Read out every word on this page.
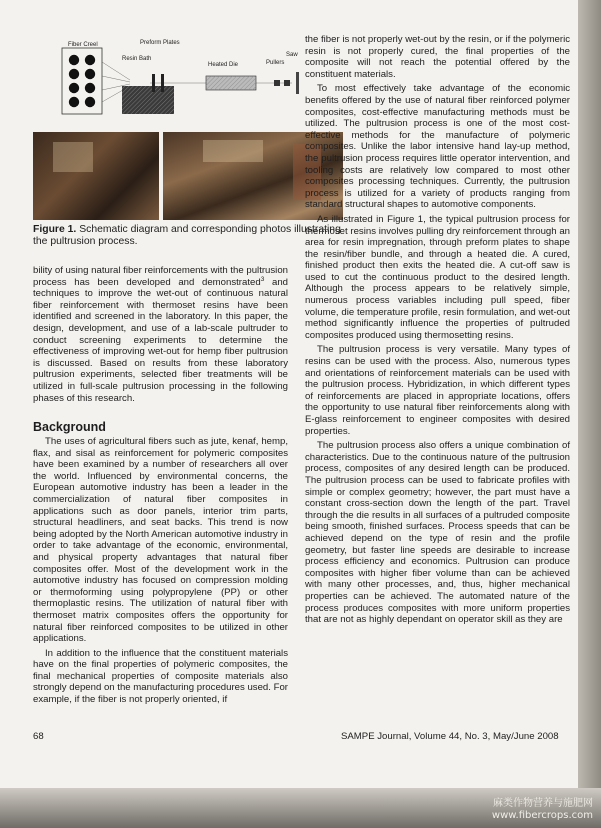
Fiber Creel
Resin Bath
Preform Plates
Heated Die	Pullers
Saw
Figure 1. Schematic diagram and corresponding photos illustrating the pultrusion process.

bility of using natural fiber reinforcements with the pultrusion process has been developed and demonstrated$^3$ and techniques to improve the wet-out of continuous natural fiber reinforcement with thermoset resins have been identified and screened in the laboratory. In this paper, the design, development, and use of a lab-scale pultruder to conduct screening experiments to determine the effectiveness of improving wet-out for hemp fiber pultrusion is discussed. Based on results from these laboratory pultrusion experiments, selected fiber treatments will be utilized in full-scale pultrusion processing in the following phases of this research.

Background

The uses of agricultural fibers such as jute, kenaf, hemp, flax, and sisal as reinforcement for polymeric composites have been examined by a number of researchers all over the world. Influenced by environmental concerns, the European automotive industry has been a leader in the commercialization of natural fiber composites in applications such as door panels, interior trim parts, structural headliners, and seat backs. This trend is now being adopted by the North American automotive industry in order to take advantage of the economic, environmental, and physical property advantages that natural fiber composites offer. Most of the development work in the automotive industry has focused on compression molding or thermoforming using polypropylene (PP) or other thermoplastic resins. The utilization of natural fiber with thermoset matrix composites offers the opportunity for natural fiber reinforced composites to be utilized in other applications.

In addition to the influence that the constituent materials have on the final properties of polymeric composites, the final mechanical properties of composite materials also strongly depend on the manufacturing procedures used. For example, if the fiber is not properly oriented, if

the fiber is not properly wet-out by the resin, or if the polymeric resin is not properly cured, the final properties of the composite will not reach the potential offered by the constituent materials.

To most effectively take advantage of the economic benefits offered by the use of natural fiber reinforced polymer composites, cost-effective manufacturing methods must be utilized. The pultrusion process is one of the most cost-effective methods for the manufacture of polymeric composites. Unlike the labor intensive hand lay-up method, the pultrusion process requires little operator intervention, and tooling costs are relatively low compared to most other composites processing techniques. Currently, the pultrusion process is utilized for a variety of products ranging from standard structural shapes to automotive components.

As illustrated in Figure 1, the typical pultrusion process for thermoset resins involves pulling dry reinforcement through an area for resin impregnation, through preform plates to shape the resin/fiber bundle, and through a heated die. A cured, finished product then exits the heated die. A cut-off saw is used to cut the continuous product to the desired length. Although the process appears to be relatively simple, numerous process variables including pull speed, fiber volume, die temperature profile, resin formulation, and wet-out method significantly influence the properties of pultruded composites produced using thermosetting resins.

The pultrusion process is very versatile. Many types of resins can be used with the process. Also, numerous types and orientations of reinforcement materials can be used with the pultrusion process. Hybridization, in which different types of reinforcements are placed in appropriate locations, offers the opportunity to use natural fiber reinforcements along with E-glass reinforcement to engineer composites with desired properties.

The pultrusion process also offers a unique combination of characteristics. Due to the continuous nature of the pultrusion process, composites of any desired length can be produced. The pultrusion process can be used to fabricate profiles with simple or complex geometry; however, the part must have a constant cross-section down the length of the part. Travel through the die results in all surfaces of a pultruded composite being smooth, finished surfaces. Process speeds that can be achieved depend on the type of resin and the profile geometry, but faster line speeds are desirable to increase process efficiency and economics. Pultrusion can produce composites with higher fiber volume than can be achieved with many other processes, and, thus, higher mechanical properties can be achieved. The automated nature of the process produces composites with more uniform properties that are not as highly dependant on operator skill as they are

68	SAMPE Journal, Volume 44, No. 3, May/June 2008
麻类作物营养与施肥网
www.fibercrops.com
